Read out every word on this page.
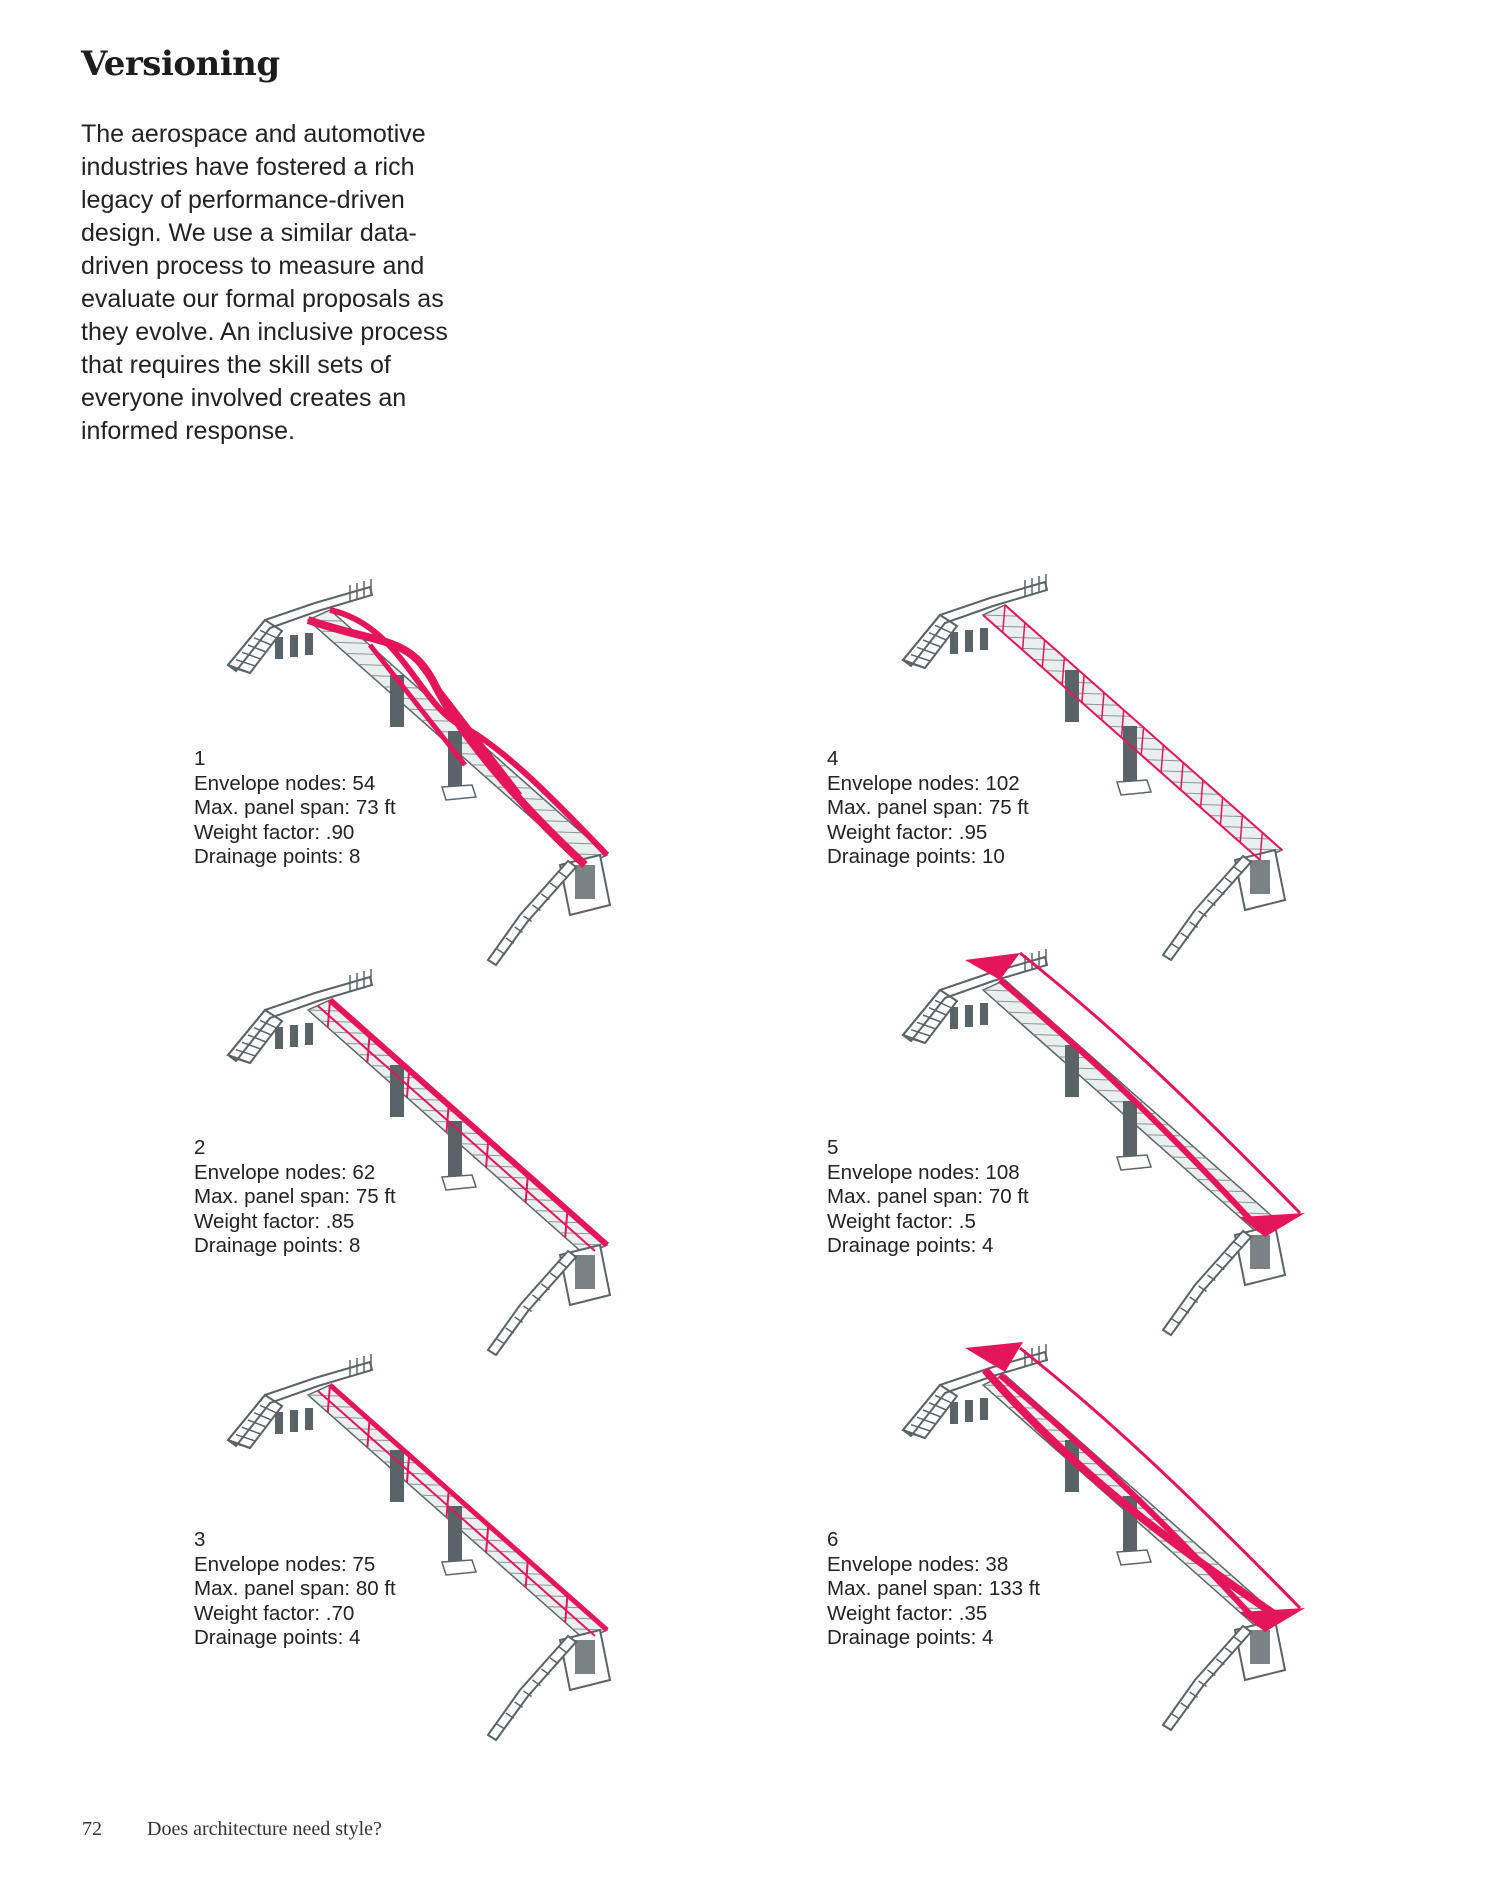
Versioning
The aerospace and automotive
industries have fostered a rich
legacy of performance-driven
design. We use a similar data-
driven process to measure and
evaluate our formal proposals as
they evolve. An inclusive process
that requires the skill sets of
everyone involved creates an
informed response.
1
Envelope nodes: 54
Max. panel span: 73 ft
Weight factor: .90
Drainage points: 8
2
Envelope nodes: 62
Max. panel span: 75 ft
Weight factor: .85
Drainage points: 8
3
Envelope nodes: 75
Max. panel span: 80 ft
Weight factor: .70
Drainage points: 4
4
Envelope nodes: 102
Max. panel span: 75 ft
Weight factor: .95
Drainage points: 10
5
Envelope nodes: 108
Max. panel span: 70 ft
Weight factor: .5
Drainage points: 4
6
Envelope nodes: 38
Max. panel span: 133 ft
Weight factor: .35
Drainage points: 4
72 Does architecture need style?
